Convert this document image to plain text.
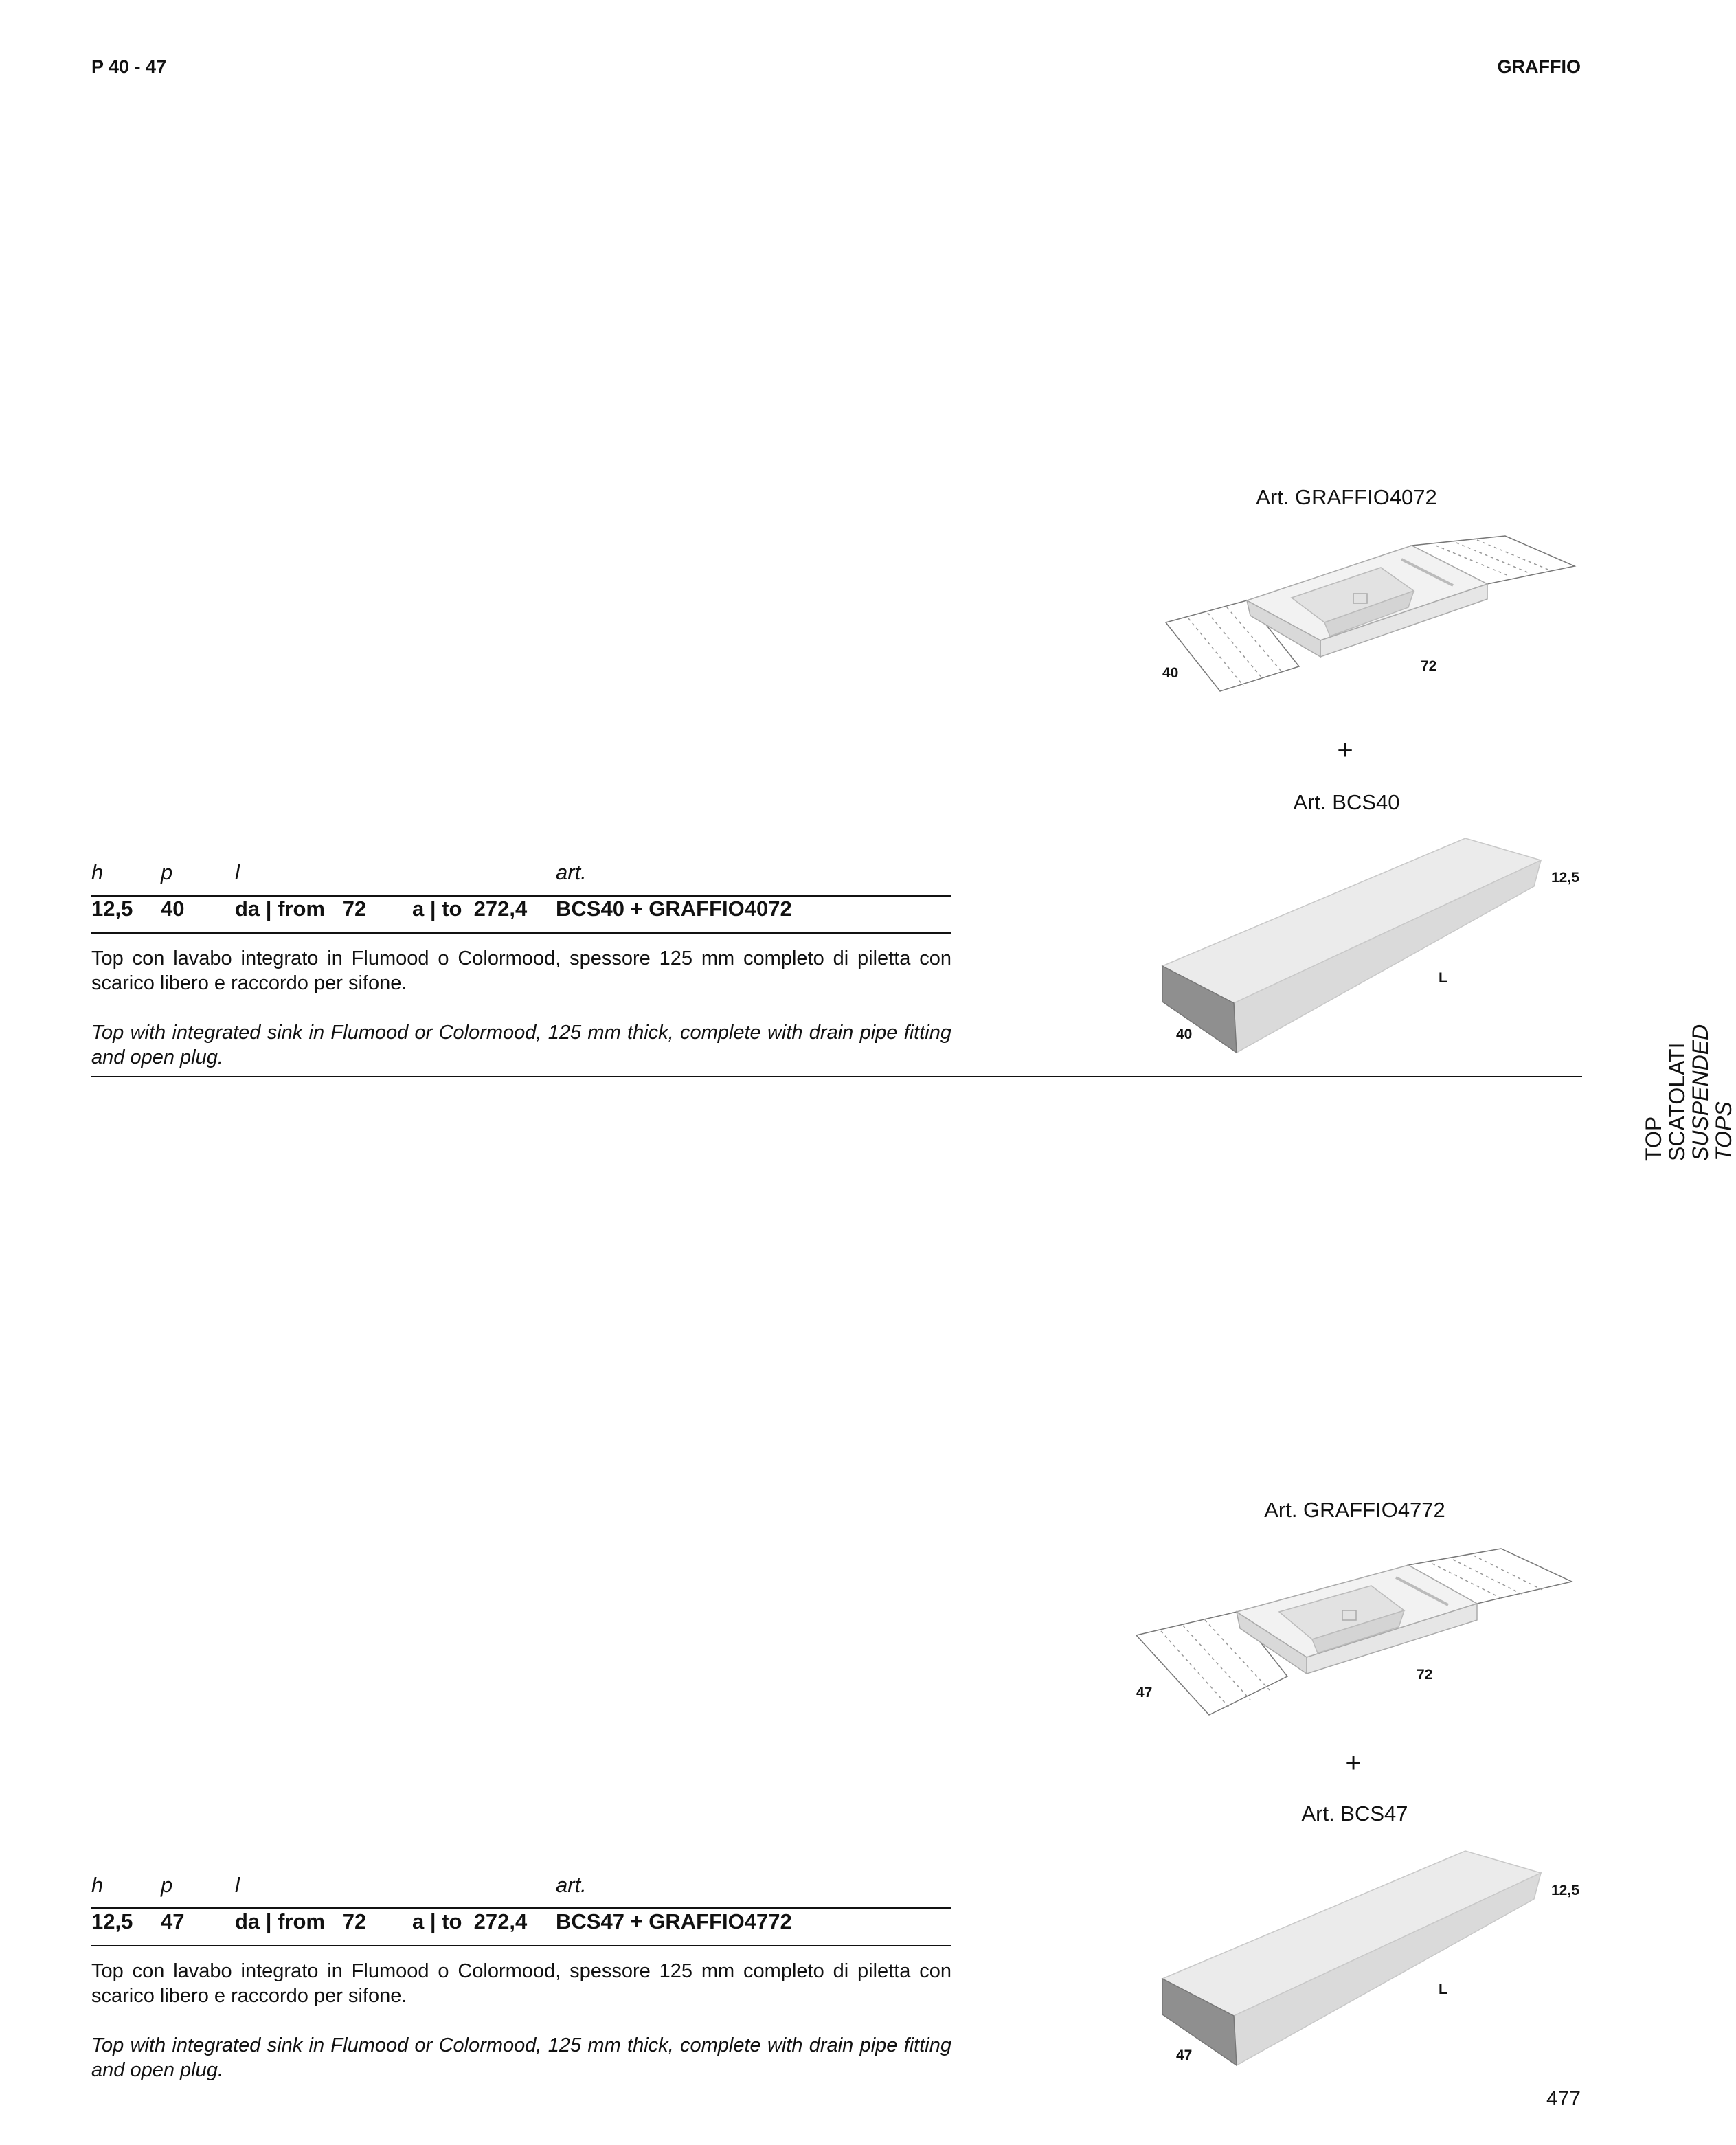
P 40 - 47	GRAFFIO
Art. GRAFFIO4072
40	72
+
Art. BCS40
12,5
L
40
h	p	l	art.
12,5 40 da | from   72 a | to  272,4 BCS40 + GRAFFIO4072

Top con lavabo integrato in Flumood o Colormood, spessore 125 mm completo di piletta con scarico libero e raccordo per sifone.

Top with integrated sink in Flumood or Colormood, 125 mm thick, complete with drain pipe fitting and open plug.

TOP SCATOLATI
SUSPENDED TOPS
Art. GRAFFIO4772
47
72
+
Art. BCS47
12,5
L
47
h	p	l	art.
12,5 47 da | from   72 a | to  272,4 BCS47 + GRAFFIO4772

Top con lavabo integrato in Flumood o Colormood, spessore 125 mm completo di piletta con scarico libero e raccordo per sifone.

Top with integrated sink in Flumood or Colormood, 125 mm thick, complete with drain pipe fitting and open plug.

477
